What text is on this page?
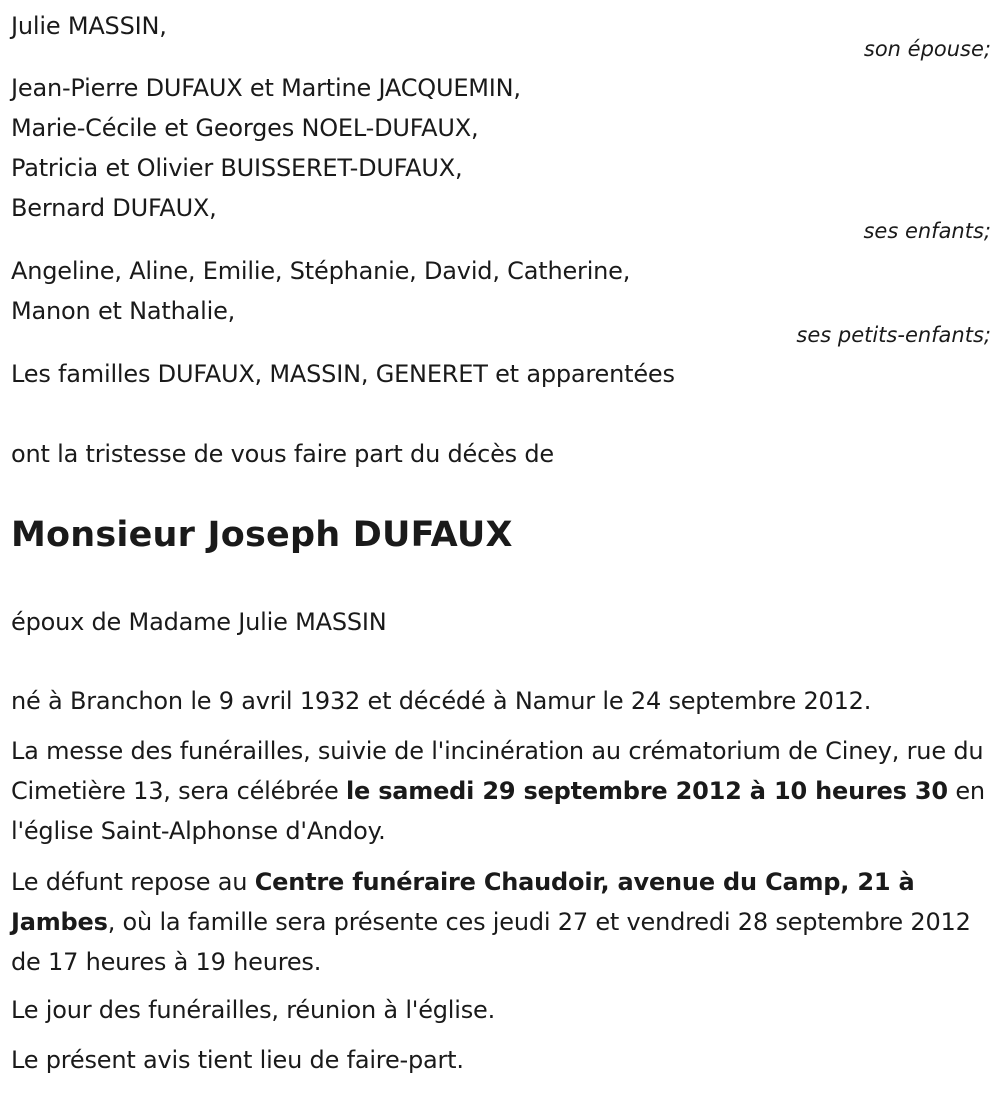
Julie MASSIN,
son épouse;
Jean-Pierre DUFAUX et Martine JACQUEMIN,
Marie-Cécile et Georges NOEL-DUFAUX,
Patricia et Olivier BUISSERET-DUFAUX,
Bernard DUFAUX,
ses enfants;
Angeline, Aline, Emilie, Stéphanie, David, Catherine,
Manon et Nathalie,
ses petits-enfants;
Les familles DUFAUX, MASSIN, GENERET et apparentées
ont la tristesse de vous faire part du décès de
Monsieur Joseph DUFAUX
époux de Madame Julie MASSIN
né à Branchon le 9 avril 1932 et décédé à Namur le 24 septembre 2012.
La messe des funérailles, suivie de l'incinération au crématorium de Ciney, rue du Cimetière 13, sera célébrée le samedi 29 septembre 2012 à 10 heures 30 en l'église Saint-Alphonse d'Andoy.
Le défunt repose au Centre funéraire Chaudoir, avenue du Camp, 21 à Jambes, où la famille sera présente ces jeudi 27 et vendredi 28 septembre 2012 de 17 heures à 19 heures.
Le jour des funérailles, réunion à l'église.
Le présent avis tient lieu de faire-part.
